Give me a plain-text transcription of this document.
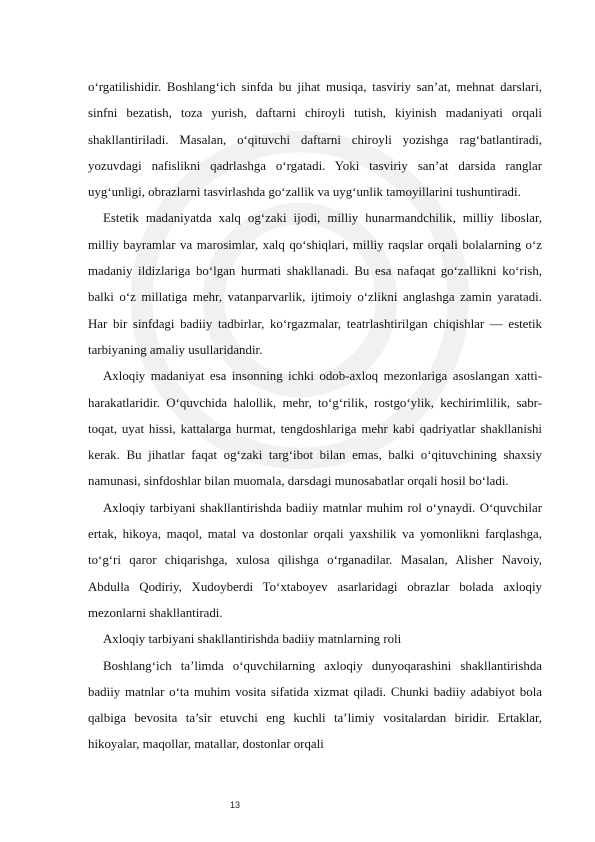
o‘rgatilishidir. Boshlang‘ich sinfda bu jihat musiqa, tasviriy san’at, mehnat darslari, sinfni bezatish, toza yurish, daftarni chiroyli tutish, kiyinish madaniyati orqali shakllantiriladi. Masalan, o‘qituvchi daftarni chiroyli yozishga rag‘batlantiradi, yozuvdagi nafislikni qadrlashga o‘rgatadi. Yoki tasviriy san’at darsida ranglar uyg‘unligi, obrazlarni tasvirlashda go‘zallik va uyg‘unlik tamoyillarini tushuntiradi.

Estetik madaniyatda xalq og‘zaki ijodi, milliy hunarmandchilik, milliy liboslar, milliy bayramlar va marosimlar, xalq qo‘shiqlari, milliy raqslar orqali bolalarning o‘z madaniy ildizlariga bo‘lgan hurmati shakllanadi. Bu esa nafaqat go‘zallikni ko‘rish, balki o‘z millatiga mehr, vatanparvarlik, ijtimoiy o‘zlikni anglashga zamin yaratadi. Har bir sinfdagi badiiy tadbirlar, ko‘rgazmalar, teatrlashtirilgan chiqishlar — estetik tarbiyaning amaliy usullaridandir.

Axloqiy madaniyat esa insonning ichki odob-axloq mezonlariga asoslangan xatti-harakatlaridir. O‘quvchida halollik, mehr, to‘g‘rilik, rostgo‘ylik, kechirimlilik, sabr-toqat, uyat hissi, kattalarga hurmat, tengdoshlariga mehr kabi qadriyatlar shakllanishi kerak. Bu jihatlar faqat og‘zaki targ‘ibot bilan emas, balki o‘qituvchining shaxsiy namunasi, sinfdoshlar bilan muomala, darsdagi munosabatlar orqali hosil bo‘ladi.

Axloqiy tarbiyani shakllantirishda badiiy matnlar muhim rol o‘ynaydi. O‘quvchilar ertak, hikoya, maqol, matal va dostonlar orqali yaxshilik va yomonlikni farqlashga, to‘g‘ri qaror chiqarishga, xulosa qilishga o‘rganadilar. Masalan, Alisher Navoiy, Abdulla Qodiriy, Xudoyberdi To‘xtaboyev asarlaridagi obrazlar bolada axloqiy mezonlarni shakllantiradi.

Axloqiy tarbiyani shakllantirishda badiiy matnlarning roli

Boshlang‘ich ta’limda o‘quvchilarning axloqiy dunyoqarashini shakllantirishda badiiy matnlar o‘ta muhim vosita sifatida xizmat qiladi. Chunki badiiy adabiyot bola qalbiga bevosita ta’sir etuvchi eng kuchli ta’limiy vositalardan biridir. Ertaklar, hikoyalar, maqollar, matallar, dostonlar orqali

13
